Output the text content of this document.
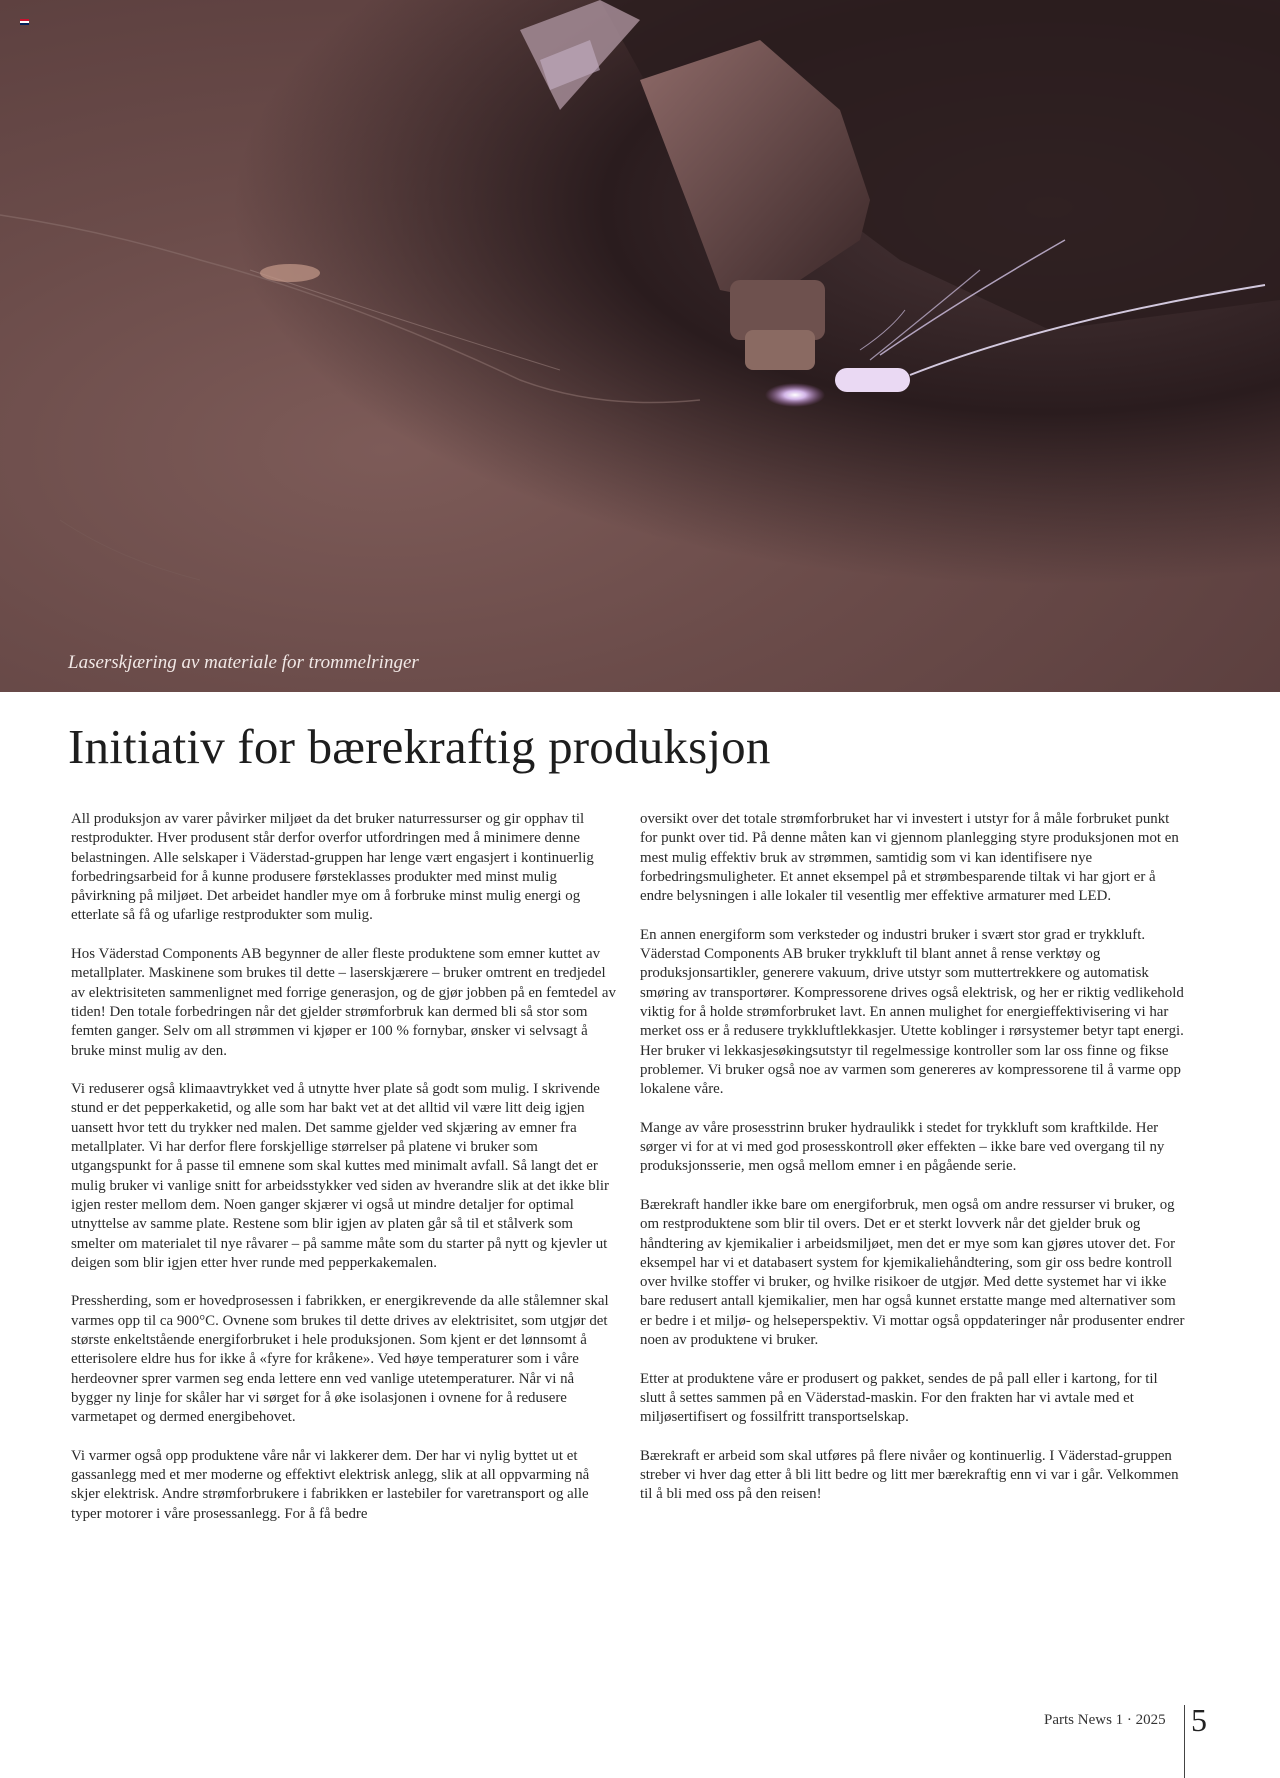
Laserskjæring av materiale for trommelringer
Initiativ for bærekraftig produksjon

All produksjon av varer påvirker miljøet da det bruker naturressurser og gir opphav til restprodukter. Hver produsent står derfor overfor utfordringen med å minimere denne belastningen. Alle selskaper i Väderstad-gruppen har lenge vært engasjert i kontinuerlig forbedringsarbeid for å kunne produsere førsteklasses produkter med minst mulig påvirkning på miljøet. Det arbeidet handler mye om å forbruke minst mulig energi og etterlate så få og ufarlige restprodukter som mulig.

Hos Väderstad Components AB begynner de aller fleste produktene som emner kuttet av metallplater. Maskinene som brukes til dette – laserskjærere – bruker omtrent en tredjedel av elektrisiteten sammenlignet med forrige generasjon, og de gjør jobben på en femtedel av tiden! Den totale forbedringen når det gjelder strømforbruk kan dermed bli så stor som femten ganger. Selv om all strømmen vi kjøper er 100 % fornybar, ønsker vi selvsagt å bruke minst mulig av den.

Vi reduserer også klimaavtrykket ved å utnytte hver plate så godt som mulig. I skrivende stund er det pepperkaketid, og alle som har bakt vet at det alltid vil være litt deig igjen uansett hvor tett du trykker ned malen. Det samme gjelder ved skjæring av emner fra metallplater. Vi har derfor flere forskjellige størrelser på platene vi bruker som utgangspunkt for å passe til emnene som skal kuttes med minimalt avfall. Så langt det er mulig bruker vi vanlige snitt for arbeidsstykker ved siden av hverandre slik at det ikke blir igjen rester mellom dem. Noen ganger skjærer vi også ut mindre detaljer for optimal utnyttelse av samme plate. Restene som blir igjen av platen går så til et stålverk som smelter om materialet til nye råvarer – på samme måte som du starter på nytt og kjevler ut deigen som blir igjen etter hver runde med pepperkakemalen.

Pressherding, som er hovedprosessen i fabrikken, er energikrevende da alle stålemner skal varmes opp til ca 900°C. Ovnene som brukes til dette drives av elektrisitet, som utgjør det største enkeltstående energiforbruket i hele produksjonen. Som kjent er det lønnsomt å etterisolere eldre hus for ikke å «fyre for kråkene». Ved høye temperaturer som i våre herdeovner sprer varmen seg enda lettere enn ved vanlige utetemperaturer. Når vi nå bygger ny linje for skåler har vi sørget for å øke isolasjonen i ovnene for å redusere varmetapet og dermed energibehovet.

Vi varmer også opp produktene våre når vi lakkerer dem. Der har vi nylig byttet ut et gassanlegg med et mer moderne og effektivt elektrisk anlegg, slik at all oppvarming nå skjer elektrisk. Andre strømforbrukere i fabrikken er lastebiler for varetransport og alle typer motorer i våre prosessanlegg. For å få bedre

oversikt over det totale strømforbruket har vi investert i utstyr for å måle forbruket punkt for punkt over tid. På denne måten kan vi gjennom planlegging styre produksjonen mot en mest mulig effektiv bruk av strømmen, samtidig som vi kan identifisere nye forbedringsmuligheter. Et annet eksempel på et strømbesparende tiltak vi har gjort er å endre belysningen i alle lokaler til vesentlig mer effektive armaturer med LED.

En annen energiform som verksteder og industri bruker i svært stor grad er trykkluft. Väderstad Components AB bruker trykkluft til blant annet å rense verktøy og produksjonsartikler, generere vakuum, drive utstyr som muttertrekkere og automatisk smøring av transportører. Kompressorene drives også elektrisk, og her er riktig vedlikehold viktig for å holde strømforbruket lavt. En annen mulighet for energieffektivisering vi har merket oss er å redusere trykkluftlekkasjer. Utette koblinger i rørsystemer betyr tapt energi. Her bruker vi lekkasjesøkingsutstyr til regelmessige kontroller som lar oss finne og fikse problemer. Vi bruker også noe av varmen som genereres av kompressorene til å varme opp lokalene våre.

Mange av våre prosesstrinn bruker hydraulikk i stedet for trykkluft som kraftkilde. Her sørger vi for at vi med god prosesskontroll øker effekten – ikke bare ved overgang til ny produksjonsserie, men også mellom emner i en pågående serie.

Bærekraft handler ikke bare om energiforbruk, men også om andre ressurser vi bruker, og om restproduktene som blir til overs. Det er et sterkt lovverk når det gjelder bruk og håndtering av kjemikalier i arbeidsmiljøet, men det er mye som kan gjøres utover det. For eksempel har vi et databasert system for kjemikaliehåndtering, som gir oss bedre kontroll over hvilke stoffer vi bruker, og hvilke risikoer de utgjør. Med dette systemet har vi ikke bare redusert antall kjemikalier, men har også kunnet erstatte mange med alternativer som er bedre i et miljø- og helseperspektiv. Vi mottar også oppdateringer når produsenter endrer noen av produktene vi bruker.

Etter at produktene våre er produsert og pakket, sendes de på pall eller i kartong, for til slutt å settes sammen på en Väderstad-maskin. For den frakten har vi avtale med et miljøsertifisert og fossilfritt transportselskap.

Bærekraft er arbeid som skal utføres på flere nivåer og kontinuerlig. I Väderstad-gruppen streber vi hver dag etter å bli litt bedre og litt mer bærekraftig enn vi var i går. Velkommen til å bli med oss på den reisen!

Parts News 1 · 2025 5
